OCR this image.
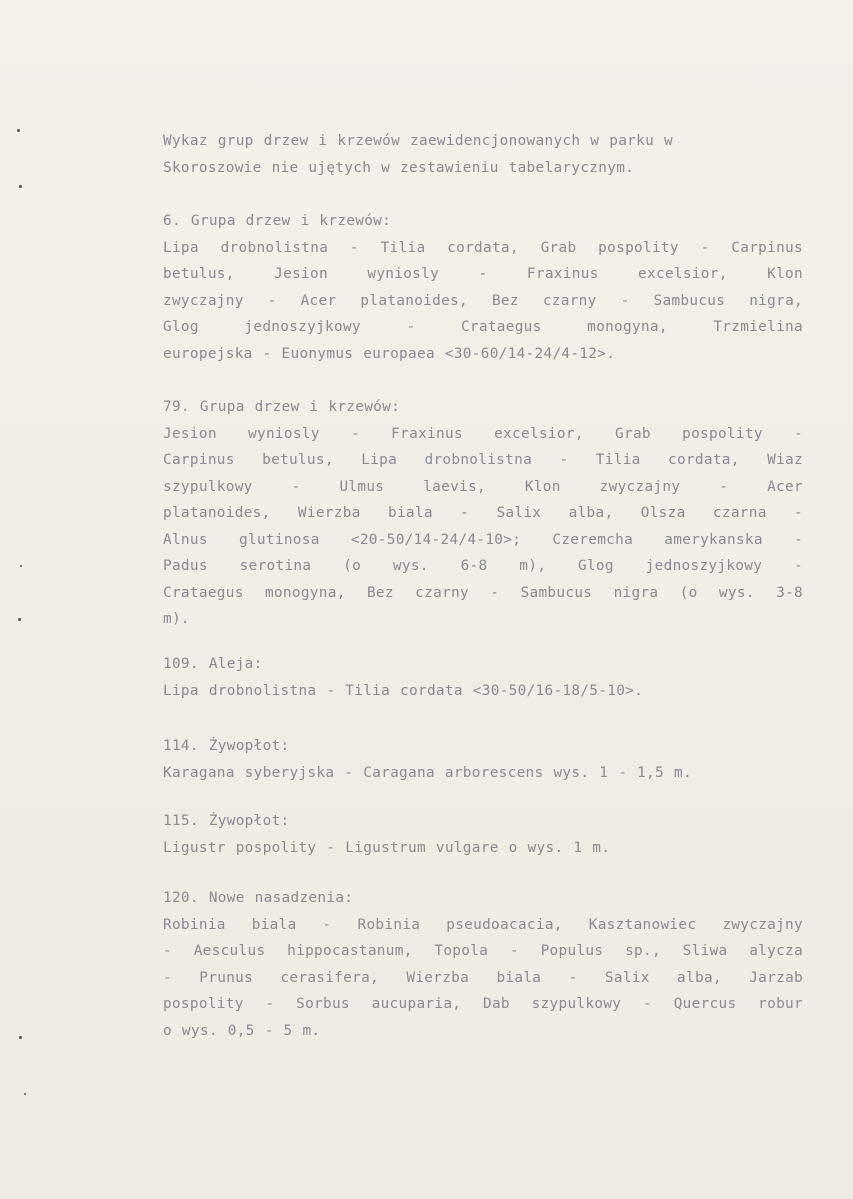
Wykaz grup drzew i krzewów zaewidencjonowanych w parku w
Skoroszowie nie ujętych w zestawieniu tabelarycznym.
6. Grupa drzew i krzewów:
Lipa drobnolistna - Tilia cordata, Grab pospolity - Carpinus
betulus, Jesion wyniosly - Fraxinus excelsior, Klon
zwyczajny - Acer platanoides, Bez czarny - Sambucus nigra,
Glog jednoszyjkowy - Crataegus monogyna, Trzmielina
europejska - Euonymus europaea <30-60/14-24/4-12>.
79. Grupa drzew i krzewów:
Jesion wyniosly - Fraxinus excelsior, Grab pospolity -
Carpinus betulus, Lipa drobnolistna - Tilia cordata, Wiaz
szypulkowy - Ulmus laevis, Klon zwyczajny - Acer
platanoides, Wierzba biala - Salix alba, Olsza czarna -
Alnus glutinosa <20-50/14-24/4-10>; Czeremcha amerykanska -
Padus serotina (o wys. 6-8 m), Glog jednoszyjkowy -
Crataegus monogyna, Bez czarny - Sambucus nigra (o wys. 3-8
m).
109. Aleja:
Lipa drobnolistna - Tilia cordata <30-50/16-18/5-10>.
114. Żywopłot:
Karagana syberyjska - Caragana arborescens wys. 1 - 1,5 m.
115. Żywopłot:
Ligustr pospolity - Ligustrum vulgare o wys. 1 m.
120. Nowe nasadzenia:
Robinia biala - Robinia pseudoacacia, Kasztanowiec zwyczajny
- Aesculus hippocastanum, Topola - Populus sp., Sliwa alycza
- Prunus cerasifera, Wierzba biala - Salix alba, Jarzab
pospolity - Sorbus aucuparia, Dab szypulkowy - Quercus robur
o wys. 0,5 - 5 m.
